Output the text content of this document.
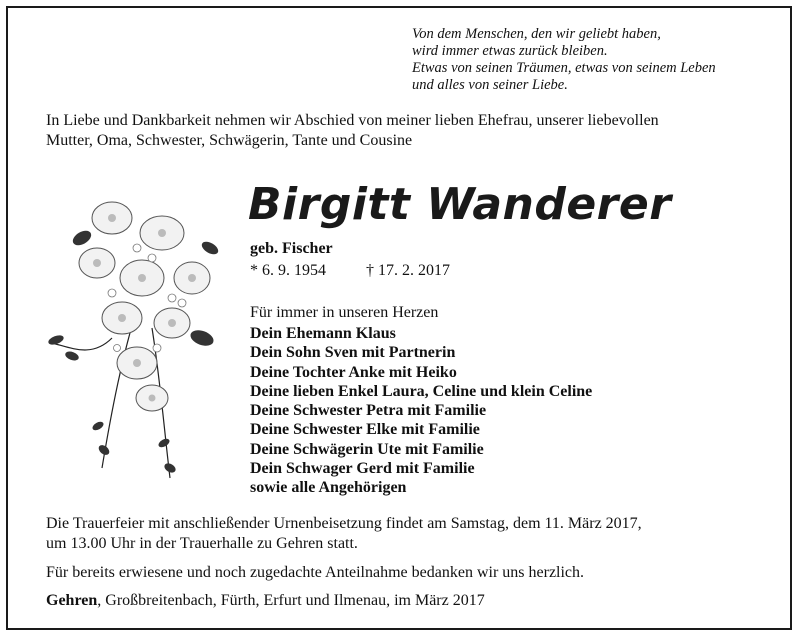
Von dem Menschen, den wir geliebt haben,
wird immer etwas zurück bleiben.
Etwas von seinen Träumen, etwas von seinem Leben
und alles von seiner Liebe.
In Liebe und Dankbarkeit nehmen wir Abschied von meiner lieben Ehefrau, unserer liebevollen
Mutter, Oma, Schwester, Schwägerin, Tante und Cousine
Birgitt Wanderer
geb. Fischer
* 6. 9. 1954	† 17. 2. 2017
Für immer in unseren Herzen
Dein Ehemann Klaus
Dein Sohn Sven mit Partnerin
Deine Tochter Anke mit Heiko
Deine lieben Enkel Laura, Celine und klein Celine
Deine Schwester Petra mit Familie
Deine Schwester Elke mit Familie
Deine Schwägerin Ute mit Familie
Dein Schwager Gerd mit Familie
sowie alle Angehörigen
Die Trauerfeier mit anschließender Urnenbeisetzung findet am Samstag, dem 11. März 2017,
um 13.00 Uhr in der Trauerhalle zu Gehren statt.
Für bereits erwiesene und noch zugedachte Anteilnahme bedanken wir uns herzlich.
Gehren, Großbreitenbach, Fürth, Erfurt und Ilmenau, im März 2017
